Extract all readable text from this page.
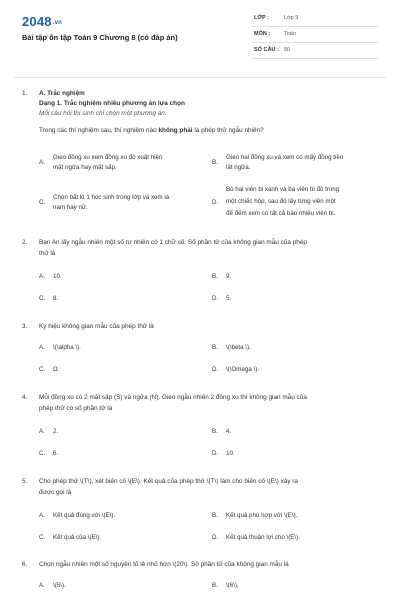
2048.vn
Bài tập ôn tập Toán 9 Chương 8 (có đáp án)
LỚP :	Lớp 9
MÔN :	Toán
SỐ CÂU : 50
1. A. Trắc nghiệm
Dạng 1. Trắc nghiệm nhiều phương án lựa chọn
Mỗi câu hỏi thí sinh chỉ chọn một phương án.
Trong các thí nghiệm sau, thí nghiệm nào không phải là phép thử ngẫu nhiên?
A.
Gieo đồng xu xem đồng xu đó xuất hiện
mặt ngửa hay mặt sấp.
B.
Gieo hai đồng xu và xem có mấy đồng tiền
lật ngửa.
C.
Chọn bất kì 1 học sinh trong lớp và xem là
nam hay nữ.
D.
Bỏ hai viên bi xanh và ba viên bi đỏ trong
một chiếc hộp, sau đó lấy từng viên một
để đếm xem có tất cả bao nhiêu viên bi.
2. Bạn An lấy ngẫu nhiên một số tự nhiên có 1 chữ số. Số phần tử của không gian mẫu của phép
thử là
A. 10.	B. 9.
C. 8.	D. 5.
3. Ký hiệu không gian mẫu của phép thử là
A. \(\alpha \).	B. \(\beta \).
C. Ω.	D. \(\Omega \).
4. Mỗi đồng xu có 2 mặt sấp (S) và ngửa (N). Gieo ngẫu nhiên 2 đồng xu thì không gian mẫu của
phép thử có số phần tử là
A. 2.	B. 4.
C. 6.	D. 10.
5. Cho phép thử \(T\), xét biến cố \(E\). Kết quả của phép thử \(T\) làm cho biến cố \(E\) xảy ra
được gọi là
A. Kết quả đúng với \(E\).	B. Kết quả phù hợp với \(E\).
C. Kết quả của \(E\).	D. Kết quả thuận lợi cho \(E\).
6. Chọn ngẫu nhiên một số nguyên tố lẻ nhỏ hơn \(20\). Số phần tử của không gian mẫu là
A. \(5\).	B. \(6\).
